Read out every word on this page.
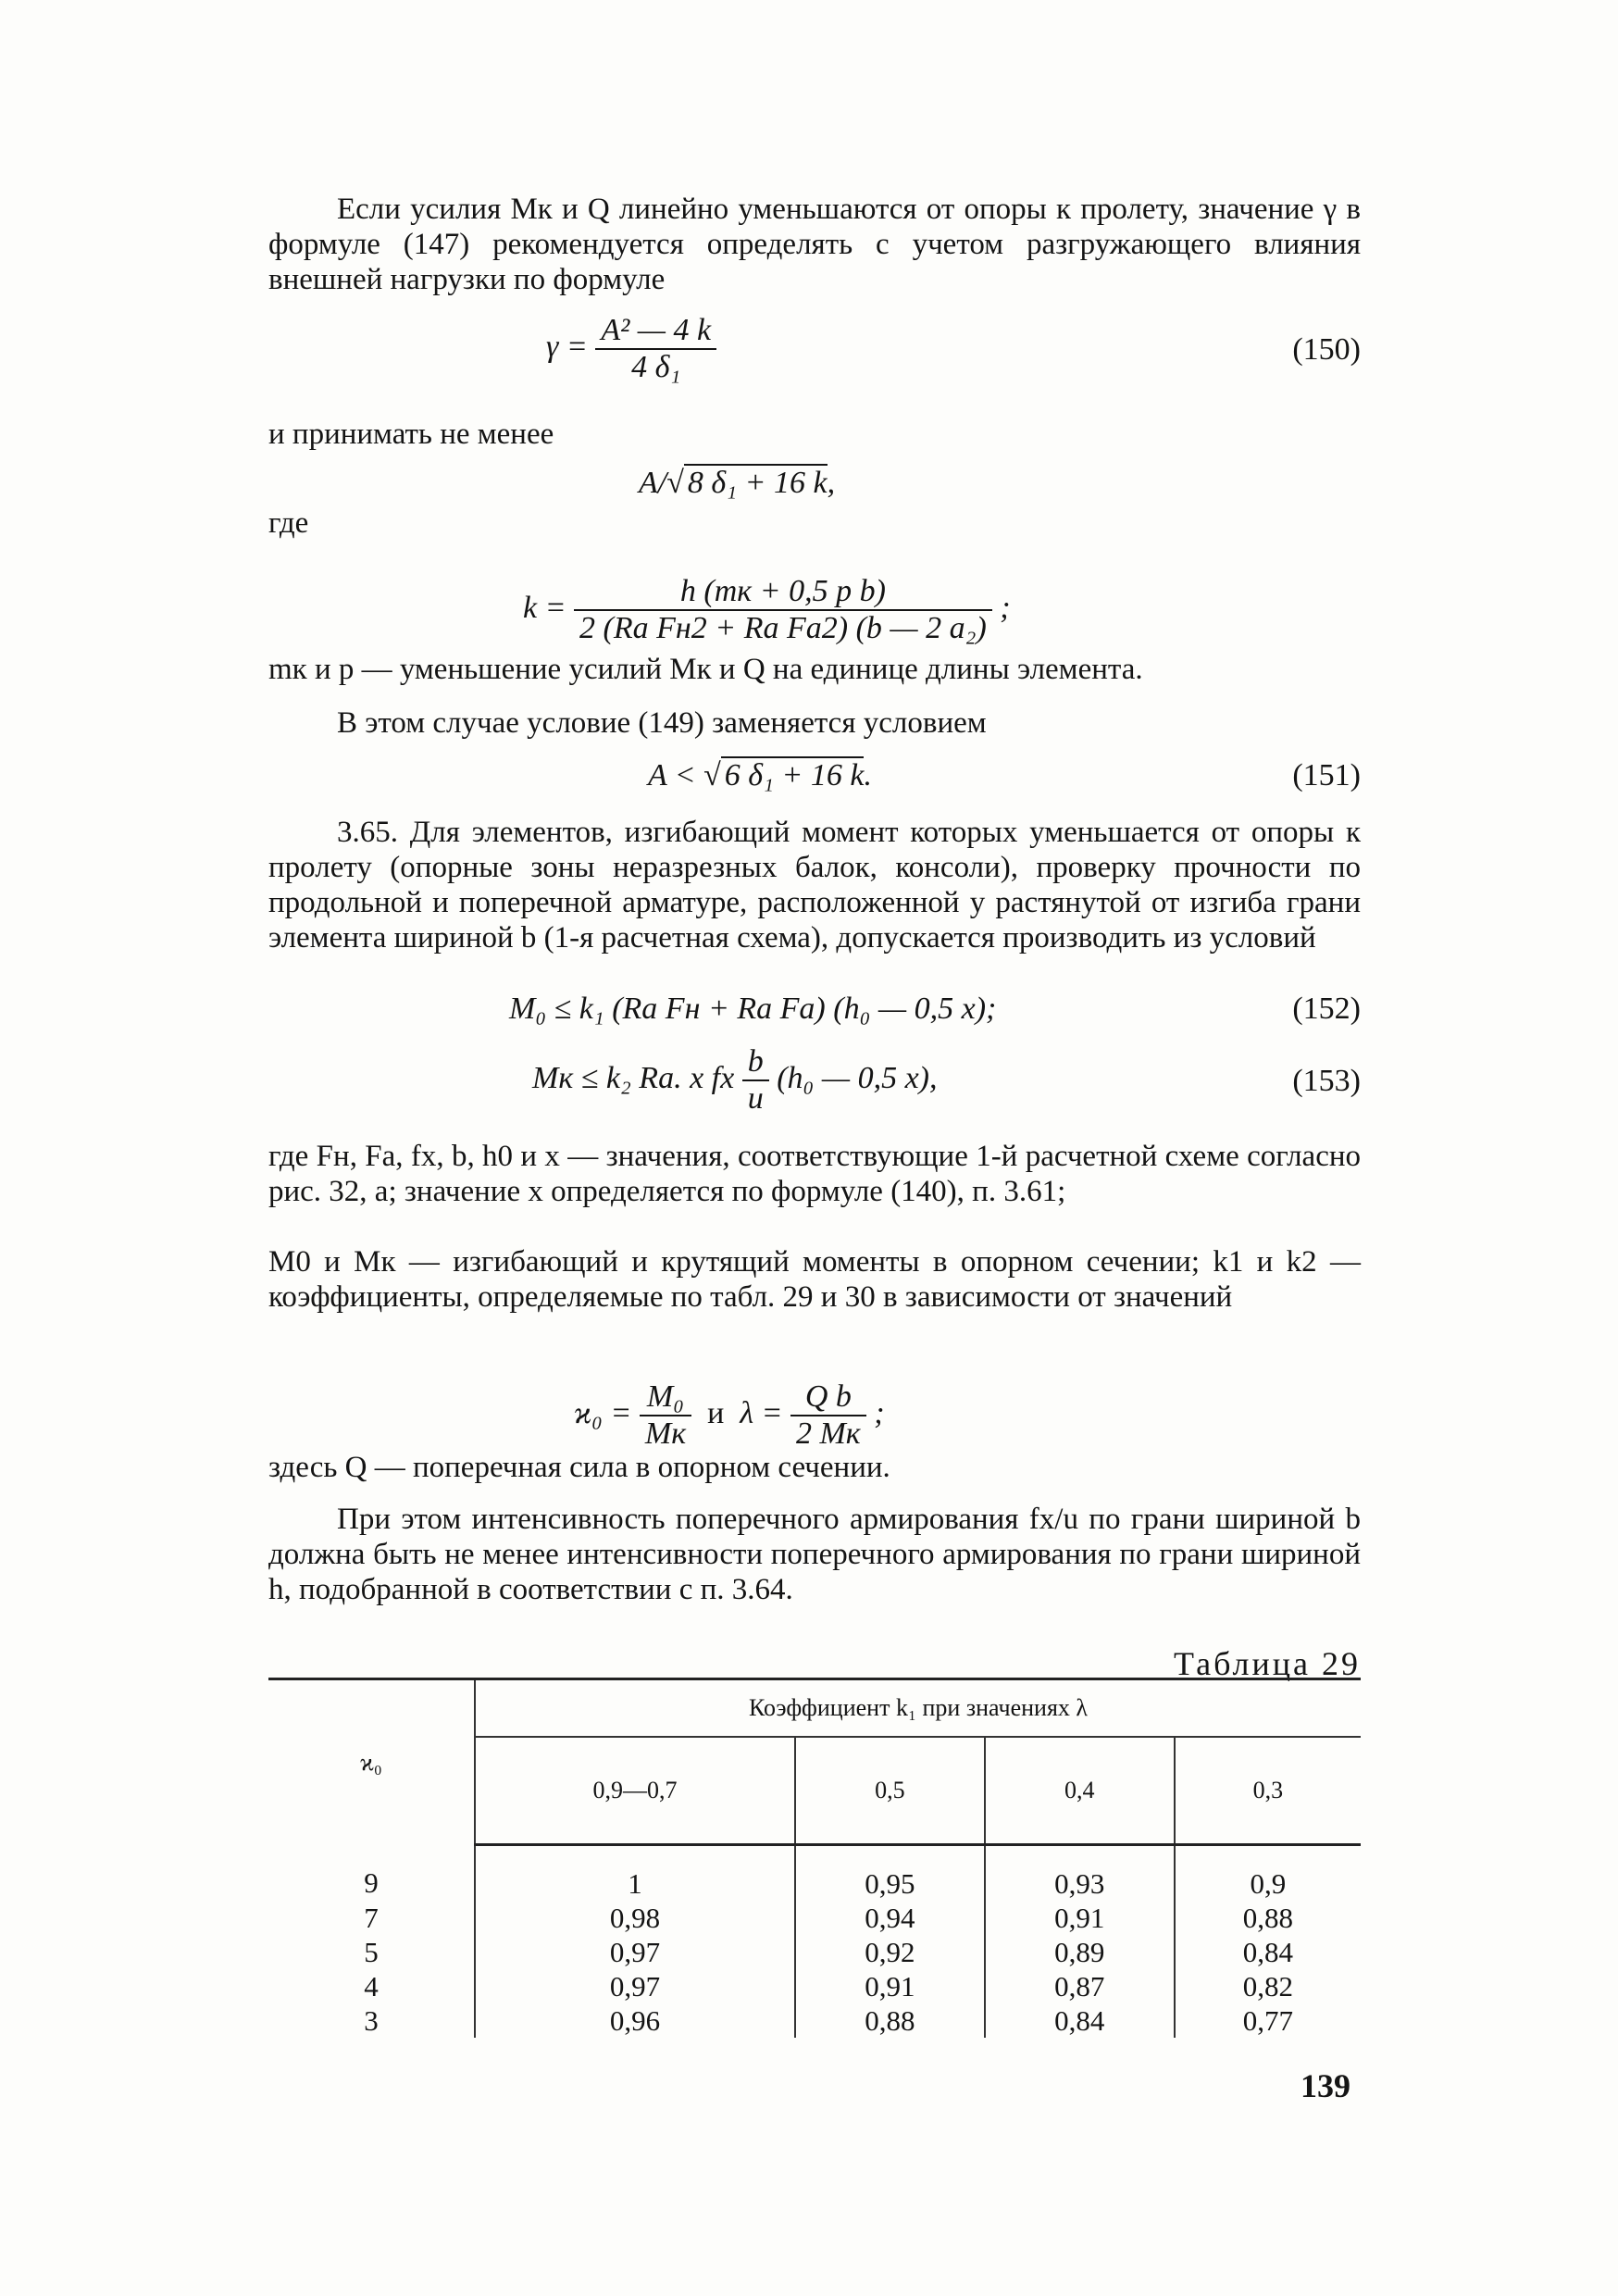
Если усилия Мк и Q линейно уменьшаются от опоры к пролету, значение γ в формуле (147) рекомендуется определять с учетом разгружающего влияния внешней нагрузки по формуле

$\gamma = \frac{\text{A² — 4 k}}{\text{4 δ₁}}$	(150)

и принимать не менее

A/√ 8 δ₁ + 16 k,

где

$k = \frac{\text{h (mк + 0,5 p b)}}{\text{2 (Ra Fн2 + Ra Fa2) (b — 2 a₂)}}$ ;

mк и p — уменьшение усилий Мк и Q на единице длины элемента.

В этом случае условие (149) заменяется условием

A < √ 6 δ₁ + 16 k.	(151)

3.65. Для элементов, изгибающий момент которых уменьшается от опоры к пролету (опорные зоны неразрезных балок, консоли), проверку прочности по продольной и поперечной арматуре, расположенной у растянутой от изгиба грани элемента шириной b (1-я расчетная схема), допускается производить из условий

M₀ ≤ k₁ (Ra Fн + Ra Fa) (h₀ — 0,5 x);	(152)
Mк ≤ k₂ Ra. x fx $\frac{b}{u} (h_0$ — 0,5 x),	(153)

где Fн, Fa, fx, b, h0 и x — значения, соответствующие 1-й расчетной схеме согласно рис. 32, a; значение x определяется по формуле (140), п. 3.61;

M0 и Мк — изгибающий и крутящий моменты в опорном сечении; k1 и k2 — коэффициенты, определяемые по табл. 29 и 30 в зависимости от значений

$ϰ_0 = \frac{\text{M₀}}{Mк}$ и $\lambda = \frac{\text{Q b}}{2 Mк}$ ;

здесь Q — поперечная сила в опорном сечении.

При этом интенсивность поперечного армирования fx/u по грани шириной b должна быть не менее интенсивности поперечного армирования по грани шириной h, подобранной в соответствии с п. 3.64.

Таблица 29
ϰ₀	Коэффициент k₁ при значениях λ			
	0,9—0,7	0,5	0,4	0,3
9	1	0,95	0,93	0,9
7	0,98	0,94	0,91	0,88
5	0,97	0,92	0,89	0,84
4	0,97	0,91	0,87	0,82
3	0,96	0,88	0,84	0,77
139
